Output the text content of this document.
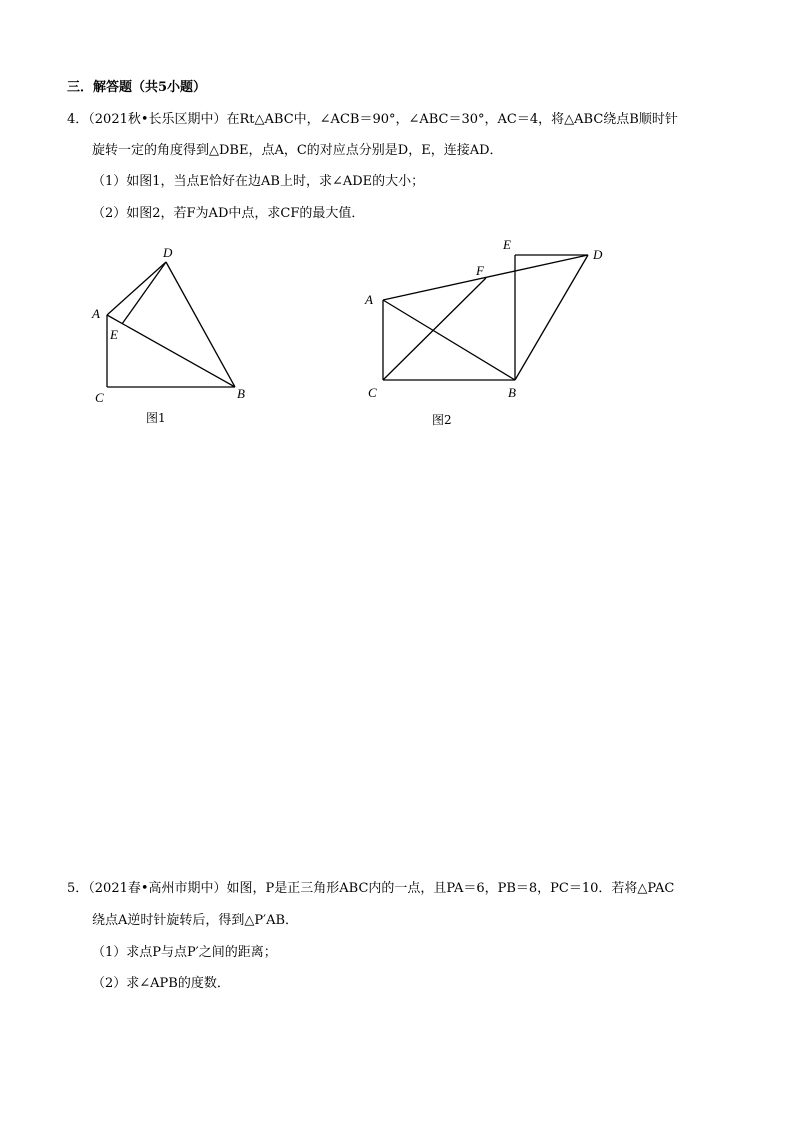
三．解答题（共5小题）
4．（2021秋•长乐区期中）在Rt△ABC中，∠ACB＝90°，∠ABC＝30°，AC＝4，将△ABC绕点B顺时针
旋转一定的角度得到△DBE，点A，C的对应点分别是D，E，连接AD．
（1）如图1，当点E恰好在边AB上时，求∠ADE的大小；
（2）如图2，若F为AD中点，求CF的最大值．
A
B
C
D
E
图1
A
B
C
D
E
F
图2
5．（2021春•高州市期中）如图，P是正三角形ABC内的一点，且PA＝6，PB＝8，PC＝10．若将△PAC
绕点A逆时针旋转后，得到△P′AB．
（1）求点P与点P′之间的距离；
（2）求∠APB的度数．
